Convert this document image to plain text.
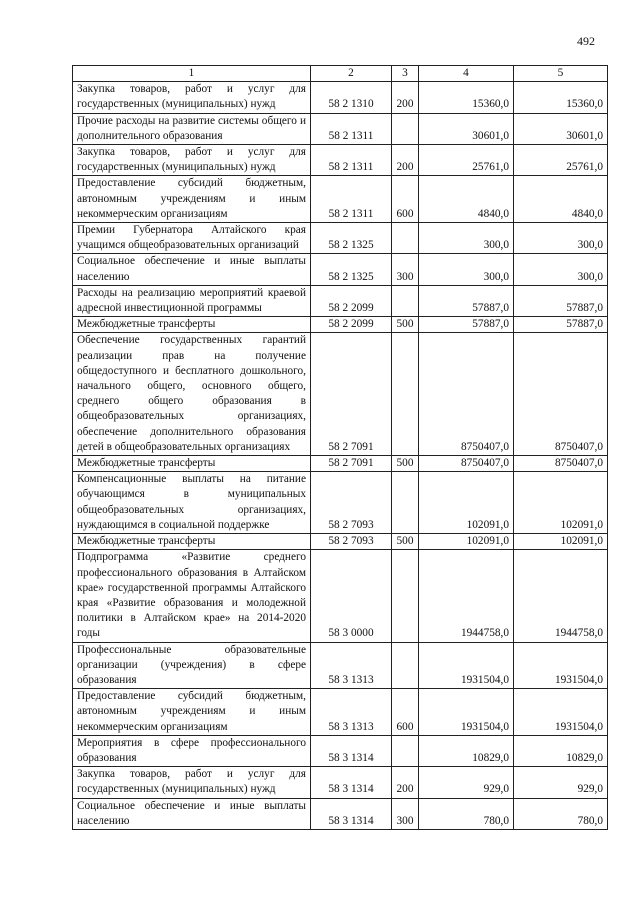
492
1	2	3	4	5
Закупка товаров, работ и услуг для государственных (муниципальных) нужд	58 2 1310	200	15360,0	15360,0
Прочие расходы на развитие системы общего и дополнительного образования	58 2 1311		30601,0	30601,0
Закупка товаров, работ и услуг для государственных (муниципальных) нужд	58 2 1311	200	25761,0	25761,0
Предоставление субсидий бюджетным, автономным учреждениям и иным некоммерческим организациям	58 2 1311	600	4840,0	4840,0
Премии Губернатора Алтайского края учащимся общеобразовательных организаций	58 2 1325		300,0	300,0
Социальное обеспечение и иные выплаты населению	58 2 1325	300	300,0	300,0
Расходы на реализацию мероприятий краевой адресной инвестиционной программы	58 2 2099		57887,0	57887,0
Межбюджетные трансферты	58 2 2099	500	57887,0	57887,0
Обеспечение государственных гарантий реализации прав на получение общедоступного и бесплатного дошкольного, начального общего, основного общего, среднего общего образования в общеобразовательных организациях, обеспечение дополнительного образования детей в общеобразовательных организациях	58 2 7091		8750407,0	8750407,0
Межбюджетные трансферты	58 2 7091	500	8750407,0	8750407,0
Компенсационные выплаты на питание обучающимся в муниципальных общеобразовательных организациях, нуждающимся в социальной поддержке	58 2 7093		102091,0	102091,0
Межбюджетные трансферты	58 2 7093	500	102091,0	102091,0
Подпрограмма «Развитие среднего профессионального образования в Алтайском крае» государственной программы Алтайского края «Развитие образования и молодежной политики в Алтайском крае» на 2014-2020 годы	58 3 0000		1944758,0	1944758,0
Профессиональные образовательные организации (учреждения) в сфере образования	58 3 1313		1931504,0	1931504,0
Предоставление субсидий бюджетным, автономным учреждениям и иным некоммерческим организациям	58 3 1313	600	1931504,0	1931504,0
Мероприятия в сфере профессионального образования	58 3 1314		10829,0	10829,0
Закупка товаров, работ и услуг для государственных (муниципальных) нужд	58 3 1314	200	929,0	929,0
Социальное обеспечение и иные выплаты населению	58 3 1314	300	780,0	780,0
